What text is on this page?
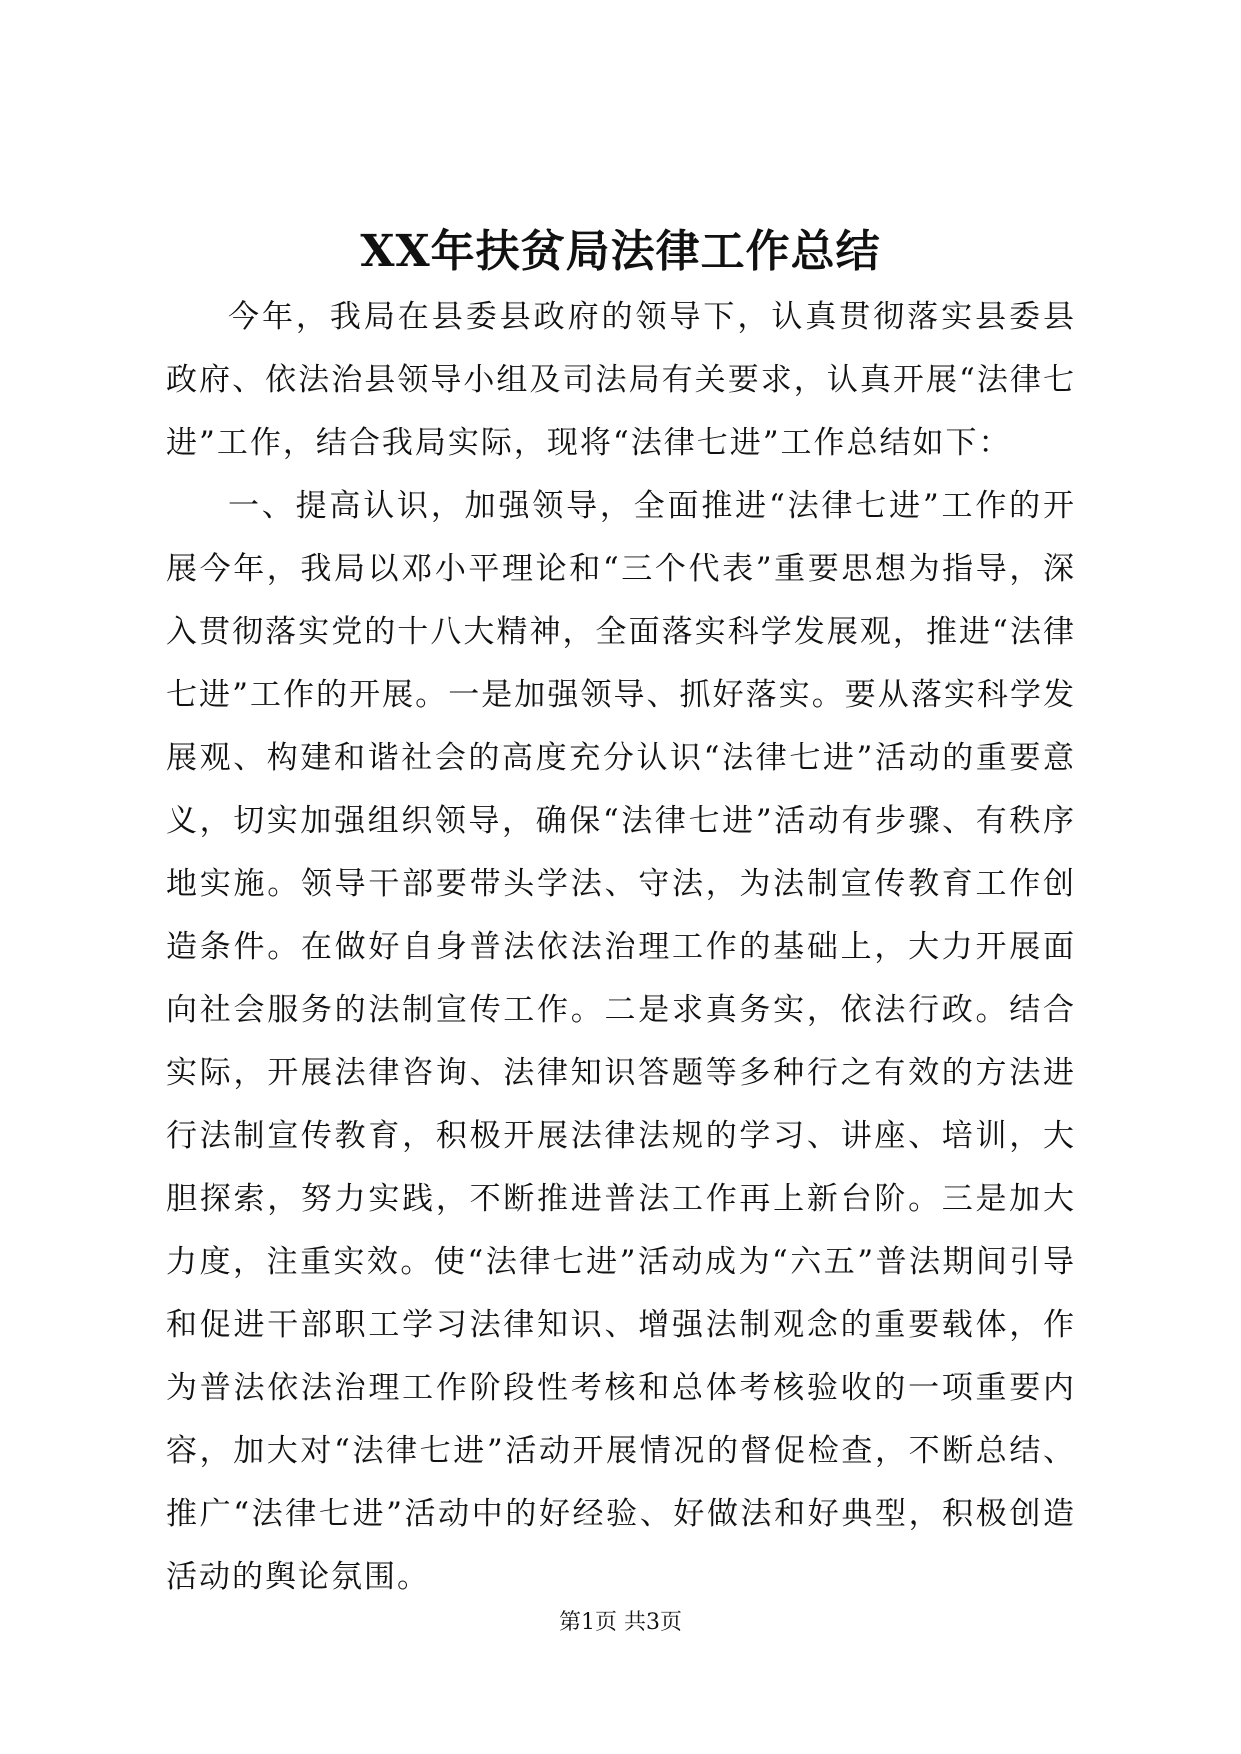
XX年扶贫局法律工作总结

今年，我局在县委县政府的领导下，认真贯彻落实县委县政府、依法治县领导小组及司法局有关要求，认真开展“法律七进”工作，结合我局实际，现将“法律七进”工作总结如下：

一、提高认识，加强领导，全面推进“法律七进”工作的开展今年，我局以邓小平理论和“三个代表”重要思想为指导，深入贯彻落实党的十八大精神，全面落实科学发展观，推进“法律七进”工作的开展。一是加强领导、抓好落实。要从落实科学发展观、构建和谐社会的高度充分认识“法律七进”活动的重要意义，切实加强组织领导，确保“法律七进”活动有步骤、有秩序地实施。领导干部要带头学法、守法，为法制宣传教育工作创造条件。在做好自身普法依法治理工作的基础上，大力开展面向社会服务的法制宣传工作。二是求真务实，依法行政。结合实际，开展法律咨询、法律知识答题等多种行之有效的方法进行法制宣传教育，积极开展法律法规的学习、讲座、培训，大胆探索，努力实践，不断推进普法工作再上新台阶。三是加大力度，注重实效。使“法律七进”活动成为“六五”普法期间引导和促进干部职工学习法律知识、增强法制观念的重要载体，作为普法依法治理工作阶段性考核和总体考核验收的一项重要内容，加大对“法律七进”活动开展情况的督促检查，不断总结、推广“法律七进”活动中的好经验、好做法和好典型，积极创造活动的舆论氛围。

第1页 共3页
